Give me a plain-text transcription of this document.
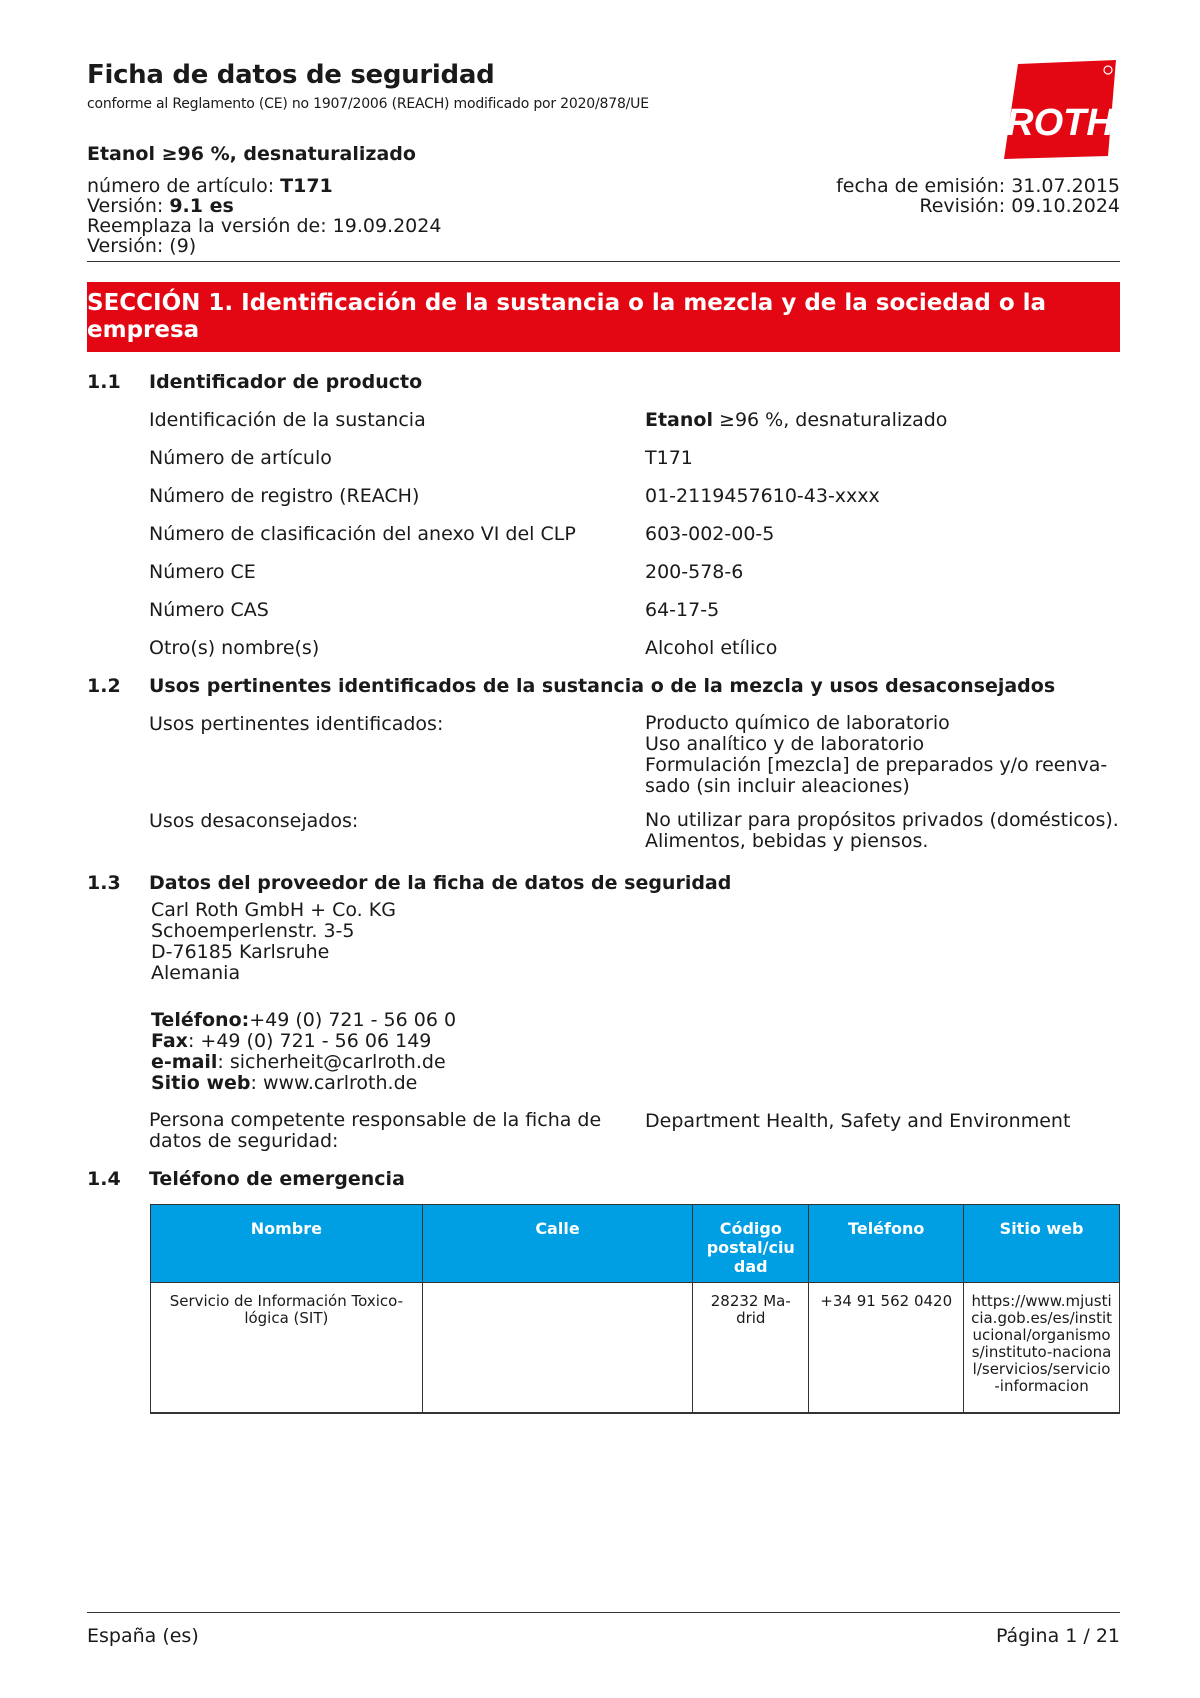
Ficha de datos de seguridad
conforme al Reglamento (CE) no 1907/2006 (REACH) modificado por 2020/878/UE	ROTH
Etanol ≥96 %, desnaturalizado
número de artículo: T171
Versión: 9.1 es
Reemplaza la versión de: 19.09.2024
Versión: (9)
fecha de emisión: 31.07.2015
Revisión: 09.10.2024
SECCIÓN 1. Identificación de la sustancia o la mezcla y de la sociedad o la
empresa
1.1 Identificador de producto
Identificación de la sustancia	Etanol ≥96 %, desnaturalizado
Número de artículo	T171
Número de registro (REACH)	01-2119457610-43-xxxx
Número de clasificación del anexo VI del CLP	603-002-00-5
Número CE	200-578-6
Número CAS	64-17-5
Otro(s) nombre(s)	Alcohol etílico
1.2 Usos pertinentes identificados de la sustancia o de la mezcla y usos desaconsejados
Usos pertinentes identificados:	Producto químico de laboratorio
Uso analítico y de laboratorio
Formulación [mezcla] de preparados y/o reenva-
sado (sin incluir aleaciones)
Usos desaconsejados:	No utilizar para propósitos privados (domésticos).
Alimentos, bebidas y piensos.
1.3 Datos del proveedor de la ficha de datos de seguridad
Carl Roth GmbH + Co. KG
Schoemperlenstr. 3-5
D-76185 Karlsruhe
Alemania
Teléfono:+49 (0) 721 - 56 06 0
Fax: +49 (0) 721 - 56 06 149
e-mail: sicherheit@carlroth.de
Sitio web: www.carlroth.de
Persona competente responsable de la ficha de
datos de seguridad:
Department Health, Safety and Environment
1.4 Teléfono de emergencia
Nombre	Calle	Código postal/ciu dad	Teléfono	Sitio web
Servicio de Información Toxico-lógica (SIT)		28232 Ma-drid	+34 91 562 0420	https://www.mjusticia.gob.es/es/institucional/organismos/instituto-nacional/servicios/servicio-informacion
España (es)	Página 1 / 21
